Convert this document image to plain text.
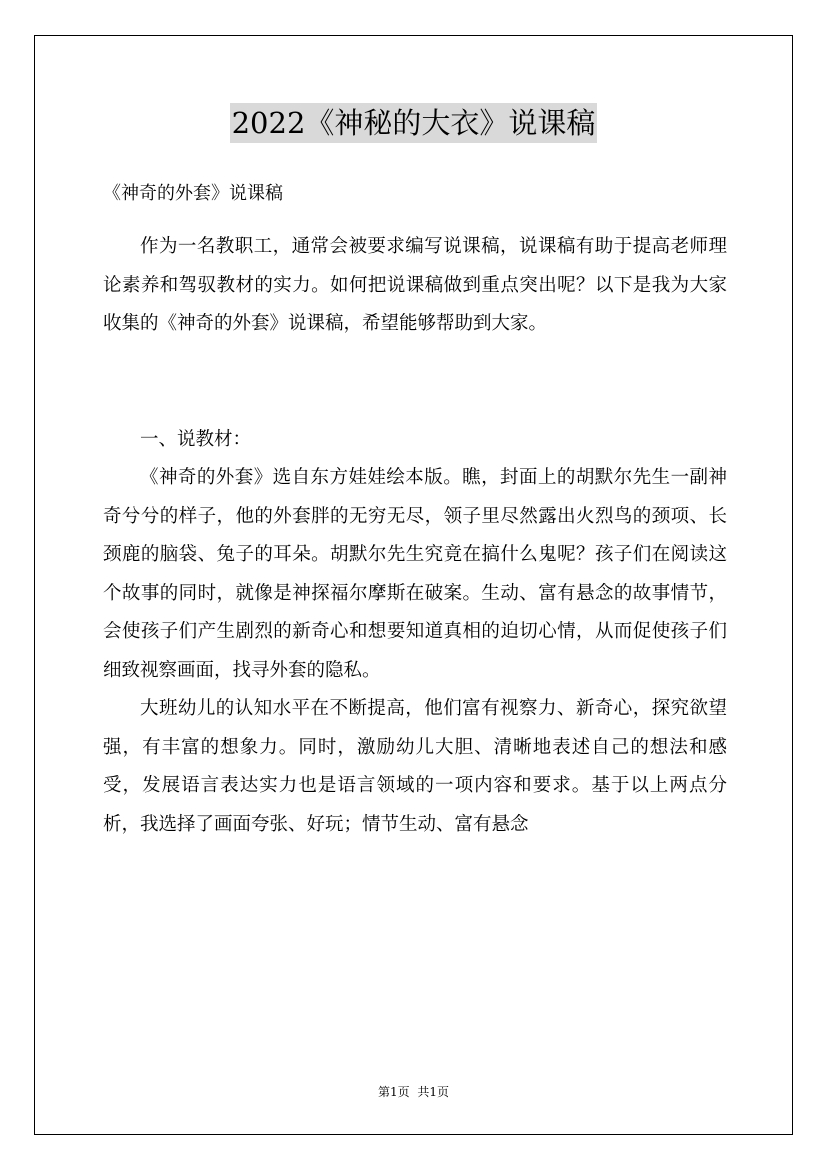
2022《神秘的大衣》说课稿
《神奇的外套》说课稿

作为一名教职工，通常会被要求编写说课稿，说课稿有助于提高老师理论素养和驾驭教材的实力。如何把说课稿做到重点突出呢？以下是我为大家收集的《神奇的外套》说课稿，希望能够帮助到大家。

一、说教材：

《神奇的外套》选自东方娃娃绘本版。瞧，封面上的胡默尔先生一副神奇兮兮的样子，他的外套胖的无穷无尽，领子里尽然露出火烈鸟的颈项、长颈鹿的脑袋、兔子的耳朵。胡默尔先生究竟在搞什么鬼呢？孩子们在阅读这个故事的同时，就像是神探福尔摩斯在破案。生动、富有悬念的故事情节，会使孩子们产生剧烈的新奇心和想要知道真相的迫切心情，从而促使孩子们细致视察画面，找寻外套的隐私。

大班幼儿的认知水平在不断提高，他们富有视察力、新奇心，探究欲望强，有丰富的想象力。同时，激励幼儿大胆、清晰地表述自己的想法和感受，发展语言表达实力也是语言领域的一项内容和要求。基于以上两点分析，我选择了画面夸张、好玩；情节生动、富有悬念

第1页 共1页
